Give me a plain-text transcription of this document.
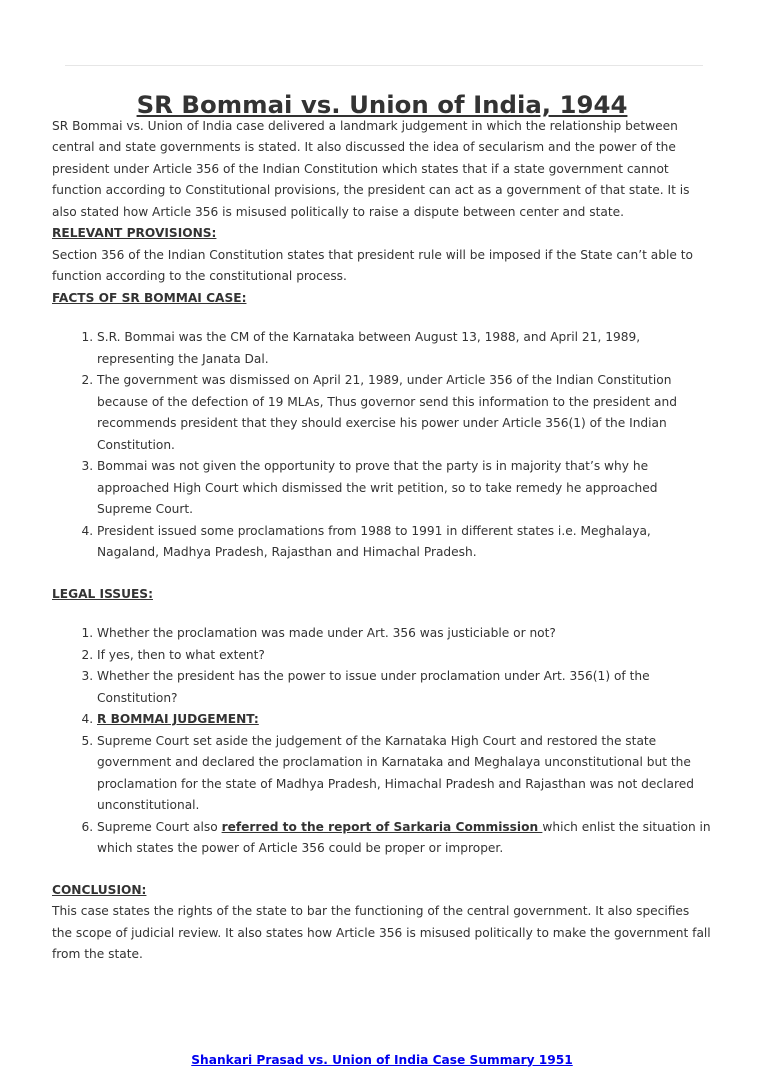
SR Bommai vs. Union of India, 1944

SR Bommai vs. Union of India case delivered a landmark judgement in which the relationship between central and state governments is stated. It also discussed the idea of secularism and the power of the president under Article 356 of the Indian Constitution which states that if a state government cannot function according to Constitutional provisions, the president can act as a government of that state. It is also stated how Article 356 is misused politically to raise a dispute between center and state.

RELEVANT PROVISIONS:

Section 356 of the Indian Constitution states that president rule will be imposed if the State can’t able to function according to the constitutional process.

FACTS OF SR BOMMAI CASE:
1. S.R. Bommai was the CM of the Karnataka between August 13, 1988, and April 21, 1989, representing the Janata Dal.
2. The government was dismissed on April 21, 1989, under Article 356 of the Indian Constitution because of the defection of 19 MLAs, Thus governor send this information to the president and recommends president that they should exercise his power under Article 356(1) of the Indian Constitution.
3. Bommai was not given the opportunity to prove that the party is in majority that’s why he approached High Court which dismissed the writ petition, so to take remedy he approached Supreme Court.
4. President issued some proclamations from 1988 to 1991 in different states i.e. Meghalaya, Nagaland, Madhya Pradesh, Rajasthan and Himachal Pradesh.
LEGAL ISSUES:
1. Whether the proclamation was made under Art. 356 was justiciable or not?
2. If yes, then to what extent?
3. Whether the president has the power to issue under proclamation under Art. 356(1) of the Constitution?
4. R BOMMAI JUDGEMENT:
5. Supreme Court set aside the judgement of the Karnataka High Court and restored the state government and declared the proclamation in Karnataka and Meghalaya unconstitutional but the proclamation for the state of Madhya Pradesh, Himachal Pradesh and Rajasthan was not declared unconstitutional.
6. Supreme Court also referred to the report of Sarkaria Commission which enlist the situation in which states the power of Article 356 could be proper or improper.
CONCLUSION:

This case states the rights of the state to bar the functioning of the central government. It also specifies the scope of judicial review. It also states how Article 356 is misused politically to make the government fall from the state.

Shankari Prasad vs. Union of India Case Summary 1951
